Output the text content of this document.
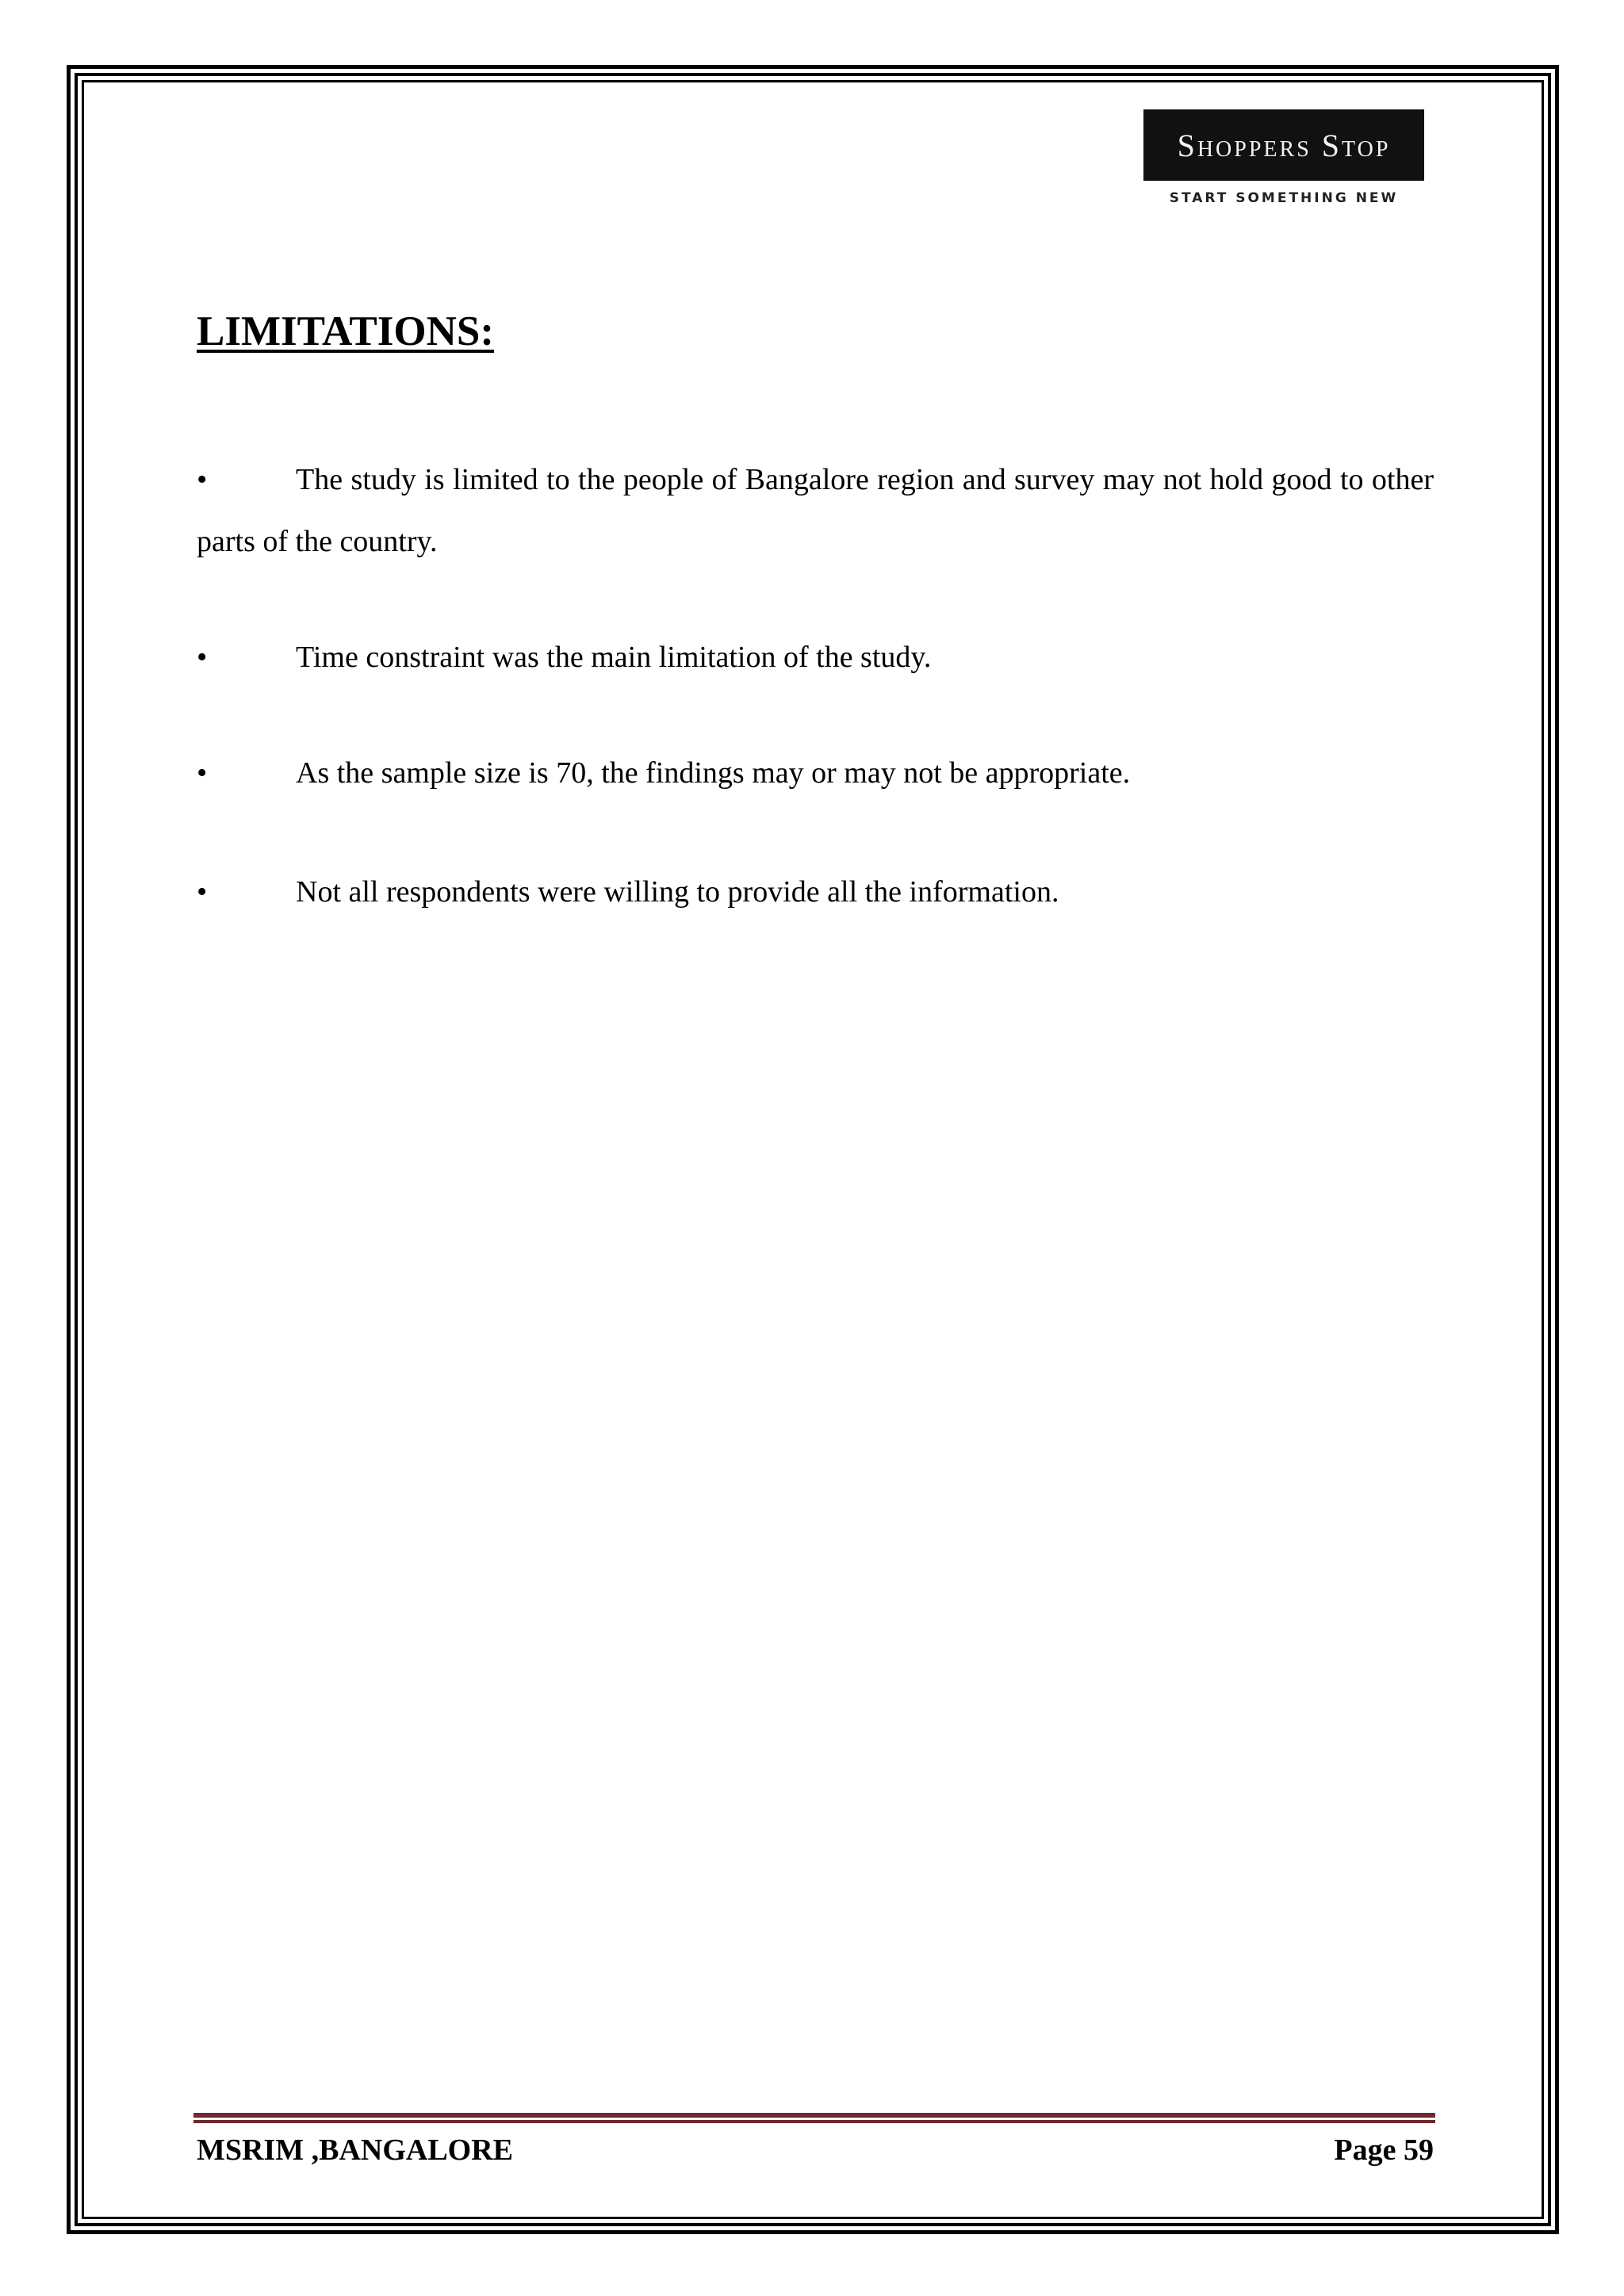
Shoppers Stop
START SOMETHING NEW
LIMITATIONS:
•	The study is limited to the people of Bangalore region and survey may not hold good to other parts of the country.
•	Time constraint was the main limitation of the study.
•	As the sample size is 70, the findings may or may not be appropriate.
•	Not all respondents were willing to provide all the information.
MSRIM ,BANGALORE	Page 59
